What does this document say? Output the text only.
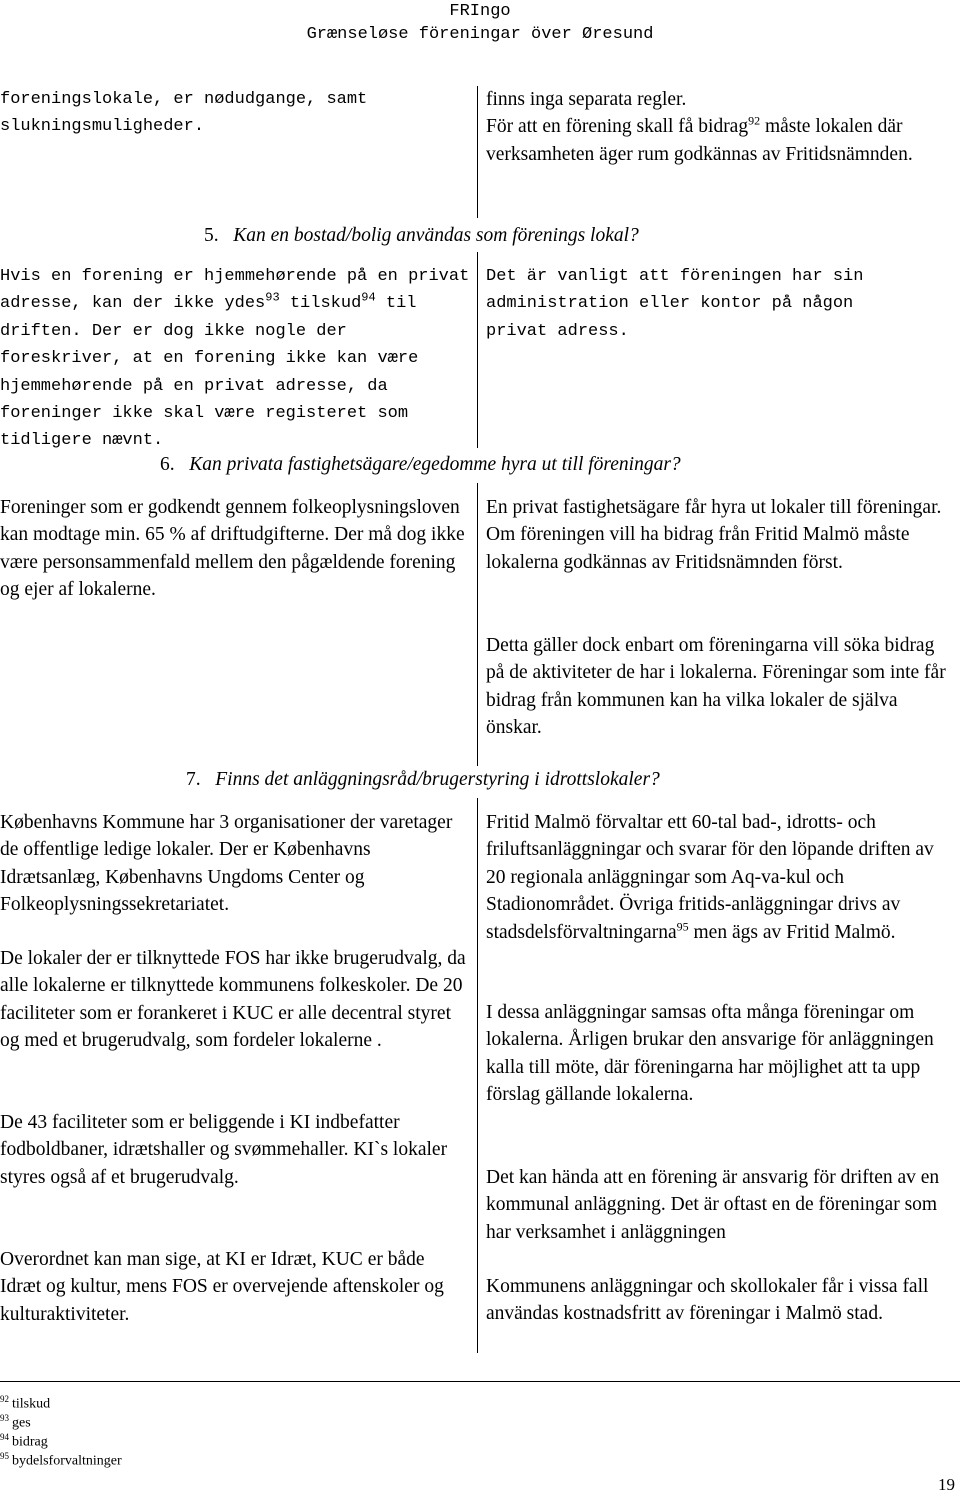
FRIngo
Grænseløse föreningar över Øresund

foreningslokale, er nødudgange, samt slukningsmuligheder.

finns inga separata regler.
För att en förening skall få bidrag$^{92}$ måste lokalen där verksamheten äger rum godkännas av Fritidsnämnden.
5. Kan en bostad/bolig användas som förenings lokal?
Hvis en forening er hjemmehørende på en privat adresse, kan der ikke ydes$^{93}$ tilskud$^{94}$ til driften. Der er dog ikke nogle der foreskriver, at en forening ikke kan være hjemmehørende på en privat adresse, da foreninger ikke skal være registeret som tidligere nævnt.

Det är vanligt att föreningen har sin administration eller kontor på någon privat adress.

6. Kan privata fastighetsägare/egedomme hyra ut till föreningar?

Foreninger som er godkendt gennem folkeoplysningsloven kan modtage min. 65 % af driftudgifterne. Der må dog ikke være personsammenfald mellem den pågældende forening og ejer af lokalerne.

En privat fastighetsägare får hyra ut lokaler till föreningar. Om föreningen vill ha bidrag från Fritid Malmö måste lokalerna godkännas av Fritidsnämnden först.

Detta gäller dock enbart om föreningarna vill söka bidrag på de aktiviteter de har i lokalerna. Föreningar som inte får bidrag från kommunen kan ha vilka lokaler de själva önskar.

7. Finns det anläggningsråd/brugerstyring i idrottslokaler?

Københavns Kommune har 3 organisationer der varetager de offentlige ledige lokaler. Der er Københavns Idrætsanlæg, Københavns Ungdoms Center og Folkeoplysningssekretariatet.

De lokaler der er tilknyttede FOS har ikke brugerudvalg, da alle lokalerne er tilknyttede kommunens folkeskoler. De 20 faciliteter som er forankeret i KUC er alle decentral styret og med et brugerudvalg, som fordeler lokalerne .

De 43 faciliteter som er beliggende i KI indbefatter fodboldbaner, idrætshaller og svømmehaller. KI`s lokaler styres også af et brugerudvalg.

Overordnet kan man sige, at KI er Idræt, KUC er både Idræt og kultur, mens FOS er overvejende aftenskoler og kulturaktiviteter.

Fritid Malmö förvaltar ett 60-tal bad-, idrotts- och friluftsanläggningar och svarar för den löpande driften av 20 regionala anläggningar som Aq-va-kul och Stadionområdet. Övriga fritids-anläggningar drivs av stadsdelsförvaltningarna$^{95}$ men ägs av Fritid Malmö.

I dessa anläggningar samsas ofta många föreningar om lokalerna. Årligen brukar den ansvarige för anläggningen kalla till möte, där föreningarna har möjlighet att ta upp förslag gällande lokalerna.

Det kan hända att en förening är ansvarig för driften av en kommunal anläggning. Det är oftast en de föreningar som har verksamhet i anläggningen

Kommunens anläggningar och skollokaler får i vissa fall användas kostnadsfritt av föreningar i Malmö stad.

$^{92}$ tilskud
$^{93}$ ges
$^{94}$ bidrag
$^{95}$ bydelsforvaltninger
19
